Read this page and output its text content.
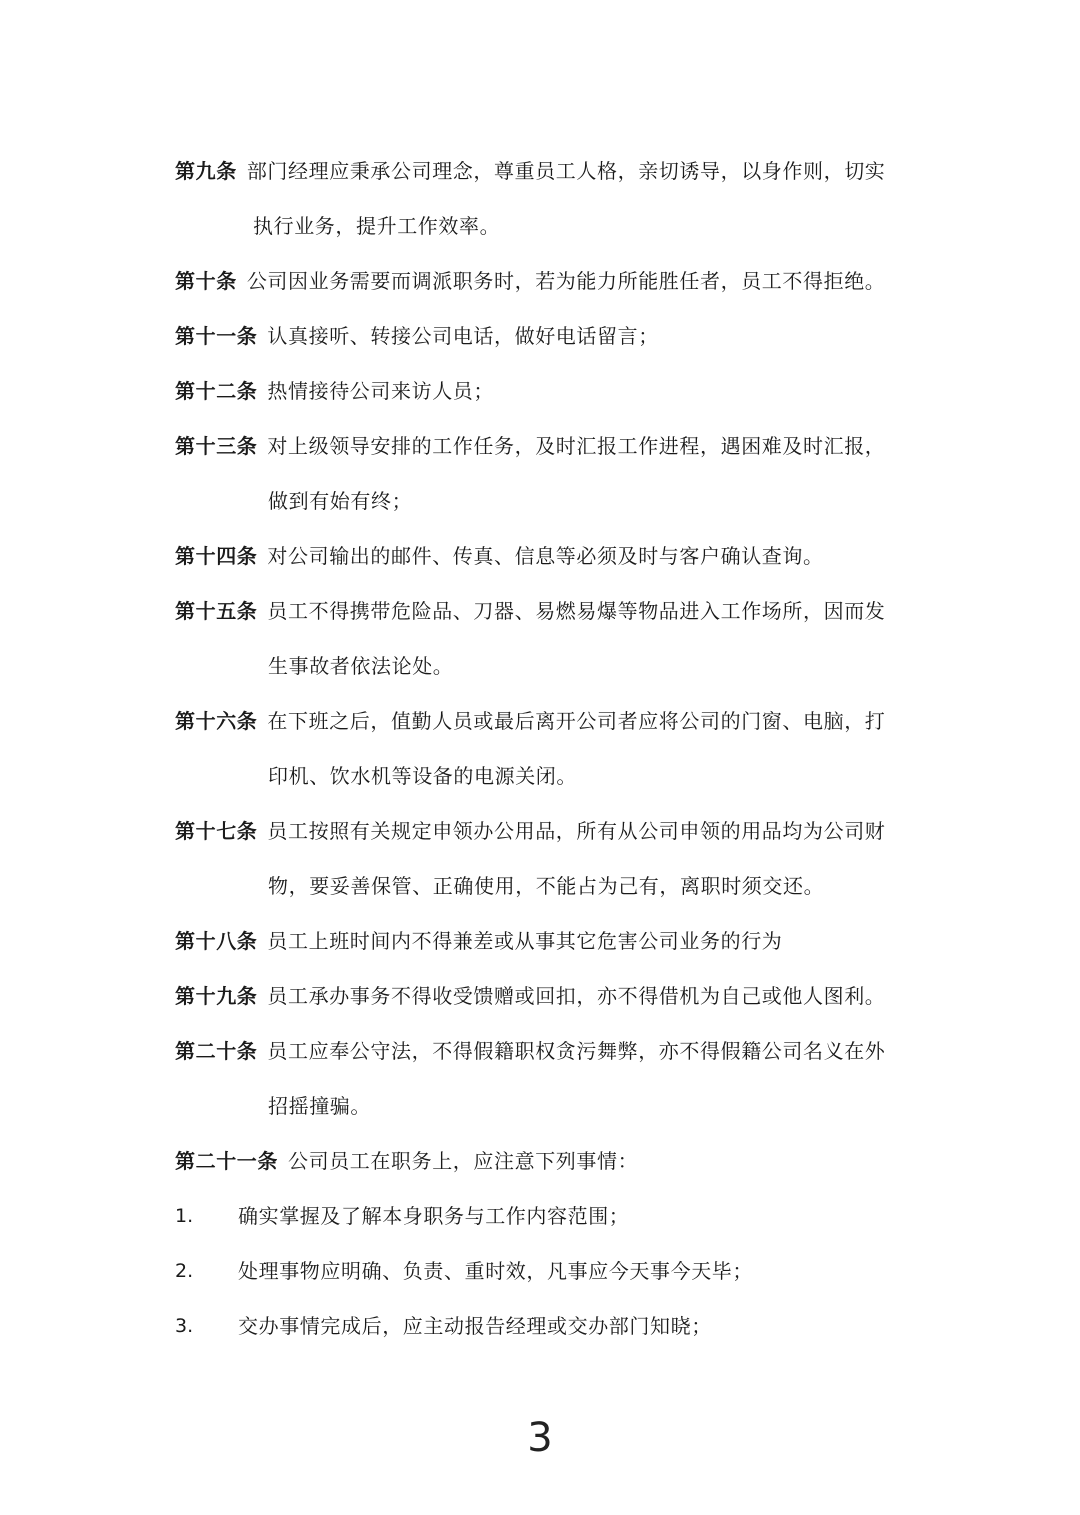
第九条 部门经理应秉承公司理念，尊重员工人格，亲切诱导，以身作则，切实
执行业务，提升工作效率。
第十条 公司因业务需要而调派职务时，若为能力所能胜任者，员工不得拒绝。
第十一条 认真接听、转接公司电话，做好电话留言；
第十二条 热情接待公司来访人员；
第十三条 对上级领导安排的工作任务，及时汇报工作进程，遇困难及时汇报，
做到有始有终；
第十四条 对公司输出的邮件、传真、信息等必须及时与客户确认查询。
第十五条 员工不得携带危险品、刀器、易燃易爆等物品进入工作场所，因而发
生事故者依法论处。
第十六条 在下班之后，值勤人员或最后离开公司者应将公司的门窗、电脑，打
印机、饮水机等设备的电源关闭。
第十七条 员工按照有关规定申领办公用品，所有从公司申领的用品均为公司财
物，要妥善保管、正确使用，不能占为己有，离职时须交还。
第十八条 员工上班时间内不得兼差或从事其它危害公司业务的行为
第十九条 员工承办事务不得收受馈赠或回扣，亦不得借机为自己或他人图利。
第二十条 员工应奉公守法，不得假籍职权贪污舞弊，亦不得假籍公司名义在外
招摇撞骗。
第二十一条 公司员工在职务上，应注意下列事情：
1. 确实掌握及了解本身职务与工作内容范围；
2. 处理事物应明确、负责、重时效，凡事应今天事今天毕；
3. 交办事情完成后，应主动报告经理或交办部门知晓；
3
